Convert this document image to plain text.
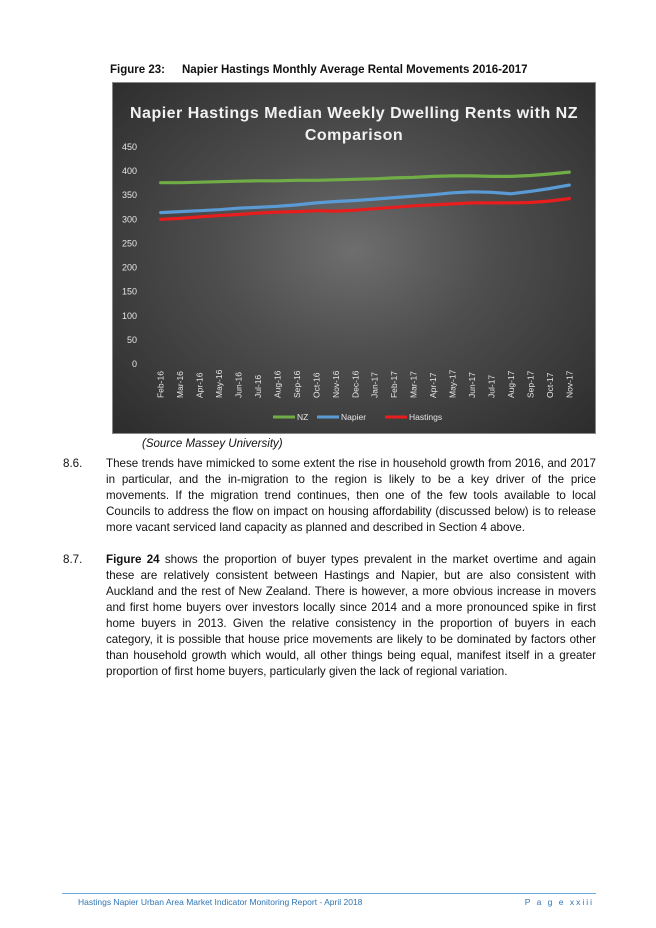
Figure 23: Napier Hastings Monthly Average Rental Movements 2016-2017
0
50
100
150
200
250
300
350
400
450
Feb-16 Mar-16 Apr-16 May-16 Jun-16 Jul-16 Aug-16 Sep-16 Oct-16 Nov-16 Dec-16 Jan-17 Feb-17 Mar-17 Apr-17 May-17 Jun-17 Jul-17 Aug-17 Sep-17 Oct-17 Nov-17
NZ	Napier	Hastings
Napier Hastings Median Weekly Dwelling Rents with NZ Comparison
(Source Massey University)
8.6. These trends have mimicked to some extent the rise in household growth from 2016, and 2017 in particular, and the in-migration to the region is likely to be a key driver of the price movements. If the migration trend continues, then one of the few tools available to local Councils to address the flow on impact on housing affordability (discussed below) is to release more vacant serviced land capacity as planned and described in Section 4 above.
8.7. Figure 24 shows the proportion of buyer types prevalent in the market overtime and again these are relatively consistent between Hastings and Napier, but are also consistent with Auckland and the rest of New Zealand. There is however, a more obvious increase in movers and first home buyers over investors locally since 2014 and a more pronounced spike in first home buyers in 2013. Given the relative consistency in the proportion of buyers in each category, it is possible that house price movements are likely to be dominated by factors other than household growth which would, all other things being equal, manifest itself in a greater proportion of first home buyers, particularly given the lack of regional variation.
Hastings Napier Urban Area Market Indicator Monitoring Report - April 2018	P a g e xxiii
